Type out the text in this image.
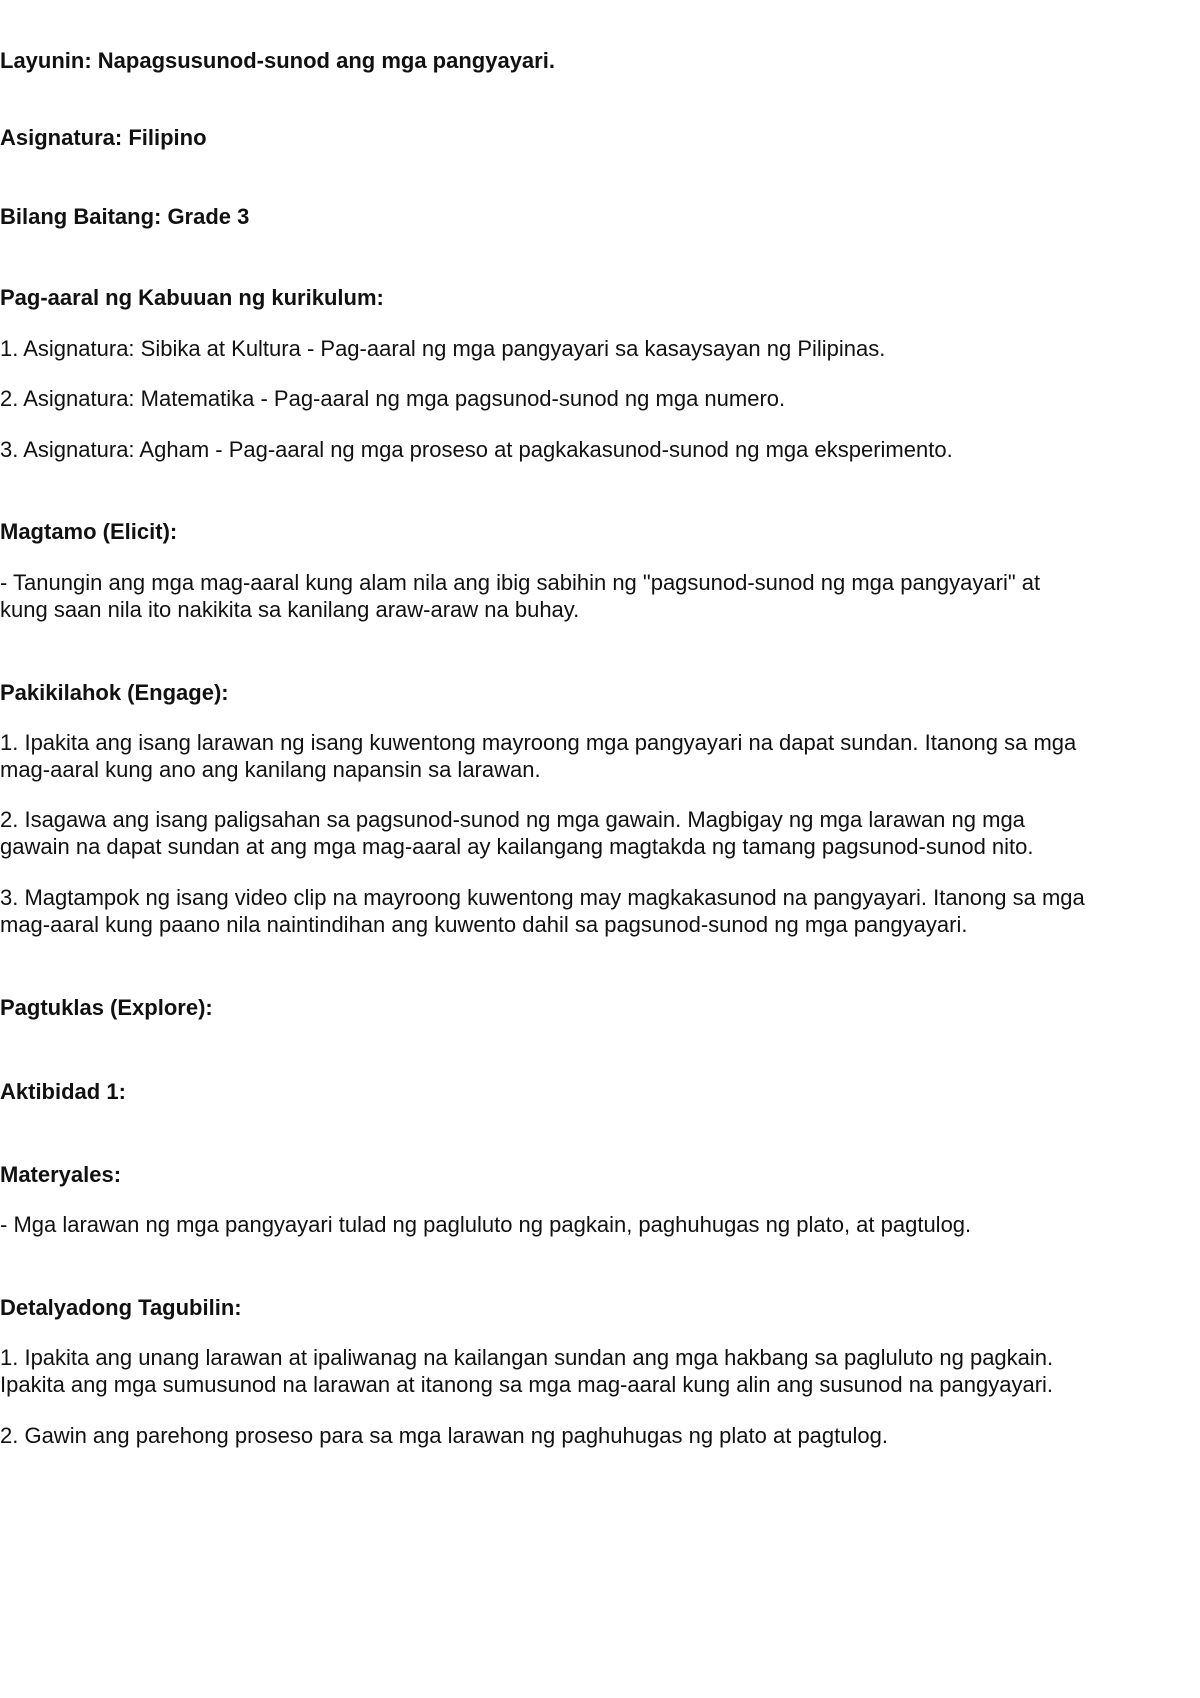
Layunin: Napagsusunod-sunod ang mga pangyayari.

Asignatura: Filipino

Bilang Baitang: Grade 3

Pag-aaral ng Kabuuan ng kurikulum:

1. Asignatura: Sibika at Kultura - Pag-aaral ng mga pangyayari sa kasaysayan ng Pilipinas.

2. Asignatura: Matematika - Pag-aaral ng mga pagsunod-sunod ng mga numero.

3. Asignatura: Agham - Pag-aaral ng mga proseso at pagkakasunod-sunod ng mga eksperimento.

Magtamo (Elicit):

- Tanungin ang mga mag-aaral kung alam nila ang ibig sabihin ng "pagsunod-sunod ng mga pangyayari" at

kung saan nila ito nakikita sa kanilang araw-araw na buhay.

Pakikilahok (Engage):

1. Ipakita ang isang larawan ng isang kuwentong mayroong mga pangyayari na dapat sundan. Itanong sa mga

mag-aaral kung ano ang kanilang napansin sa larawan.

2. Isagawa ang isang paligsahan sa pagsunod-sunod ng mga gawain. Magbigay ng mga larawan ng mga

gawain na dapat sundan at ang mga mag-aaral ay kailangang magtakda ng tamang pagsunod-sunod nito.

3. Magtampok ng isang video clip na mayroong kuwentong may magkakasunod na pangyayari. Itanong sa mga

mag-aaral kung paano nila naintindihan ang kuwento dahil sa pagsunod-sunod ng mga pangyayari.

Pagtuklas (Explore):

Aktibidad 1:

Materyales:

- Mga larawan ng mga pangyayari tulad ng pagluluto ng pagkain, paghuhugas ng plato, at pagtulog.

Detalyadong Tagubilin:

1. Ipakita ang unang larawan at ipaliwanag na kailangan sundan ang mga hakbang sa pagluluto ng pagkain.

Ipakita ang mga sumusunod na larawan at itanong sa mga mag-aaral kung alin ang susunod na pangyayari.

2. Gawin ang parehong proseso para sa mga larawan ng paghuhugas ng plato at pagtulog.
